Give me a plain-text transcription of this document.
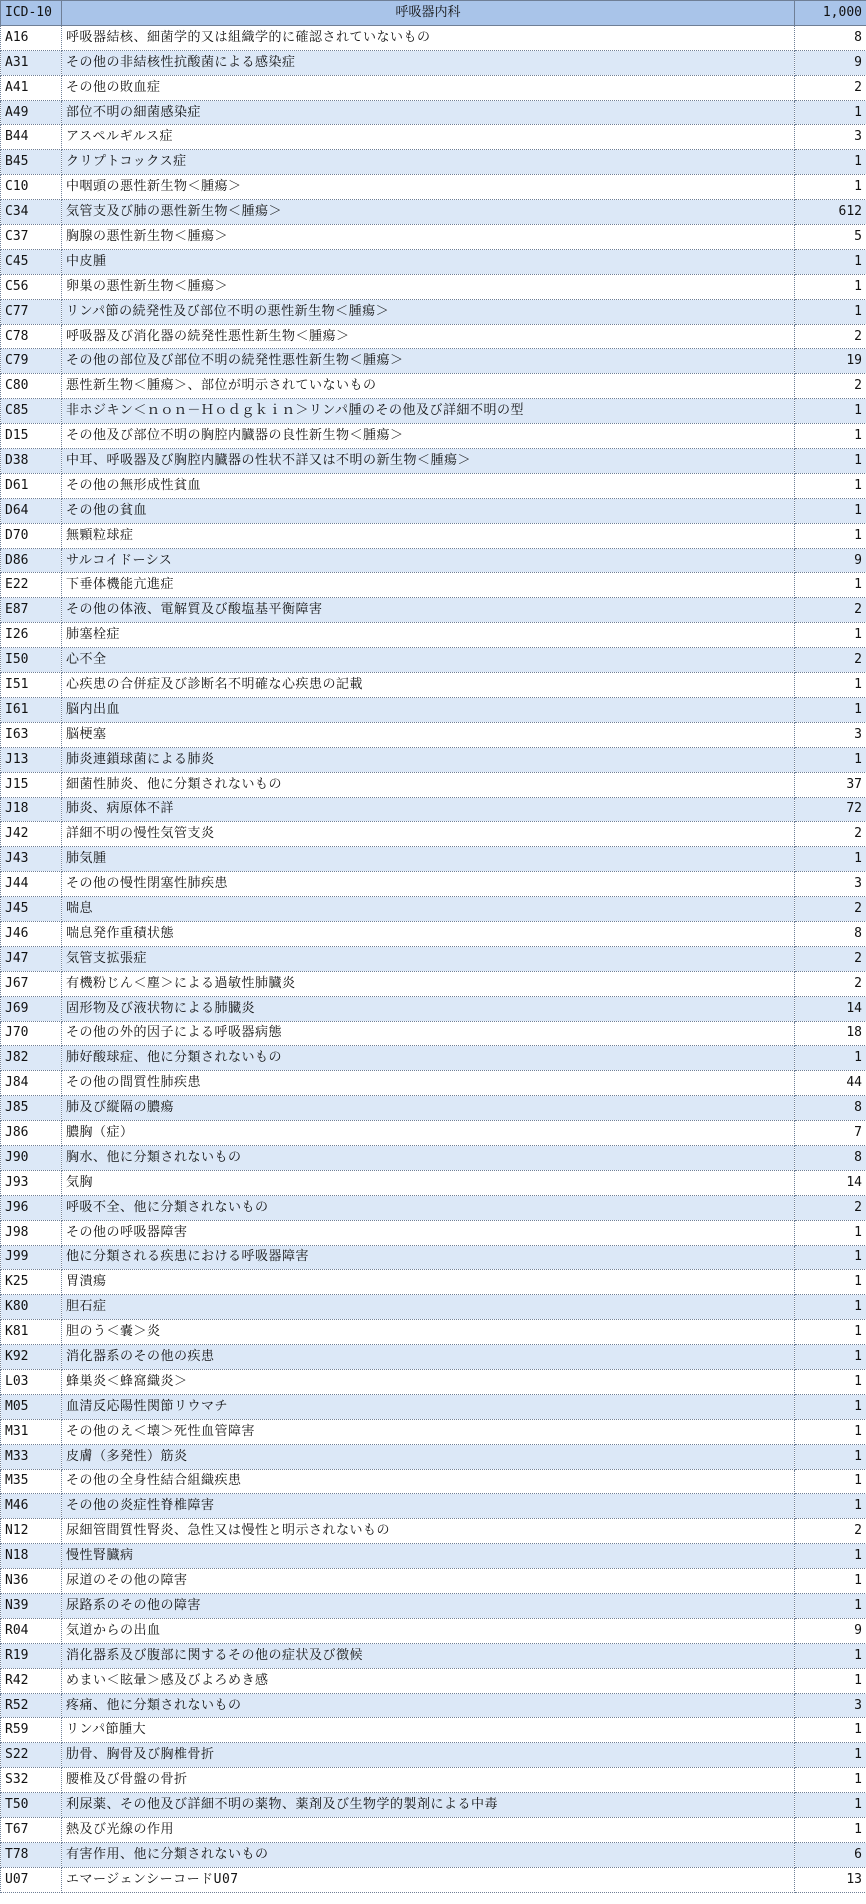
ICD-10	呼吸器内科	1,000
A16	呼吸器結核、細菌学的又は組織学的に確認されていないもの	8
A31	その他の非結核性抗酸菌による感染症	9
A41	その他の敗血症	2
A49	部位不明の細菌感染症	1
B44	アスペルギルス症	3
B45	クリプトコックス症	1
C10	中咽頭の悪性新生物＜腫瘍＞	1
C34	気管支及び肺の悪性新生物＜腫瘍＞	612
C37	胸腺の悪性新生物＜腫瘍＞	5
C45	中皮腫	1
C56	卵巣の悪性新生物＜腫瘍＞	1
C77	リンパ節の続発性及び部位不明の悪性新生物＜腫瘍＞	1
C78	呼吸器及び消化器の続発性悪性新生物＜腫瘍＞	2
C79	その他の部位及び部位不明の続発性悪性新生物＜腫瘍＞	19
C80	悪性新生物＜腫瘍＞、部位が明示されていないもの	2
C85	非ホジキン＜ｎｏｎ－Ｈｏｄｇｋｉｎ＞リンパ腫のその他及び詳細不明の型	1
D15	その他及び部位不明の胸腔内臓器の良性新生物＜腫瘍＞	1
D38	中耳、呼吸器及び胸腔内臓器の性状不詳又は不明の新生物＜腫瘍＞	1
D61	その他の無形成性貧血	1
D64	その他の貧血	1
D70	無顆粒球症	1
D86	サルコイドーシス	9
E22	下垂体機能亢進症	1
E87	その他の体液、電解質及び酸塩基平衡障害	2
I26	肺塞栓症	1
I50	心不全	2
I51	心疾患の合併症及び診断名不明確な心疾患の記載	1
I61	脳内出血	1
I63	脳梗塞	3
J13	肺炎連鎖球菌による肺炎	1
J15	細菌性肺炎、他に分類されないもの	37
J18	肺炎、病原体不詳	72
J42	詳細不明の慢性気管支炎	2
J43	肺気腫	1
J44	その他の慢性閉塞性肺疾患	3
J45	喘息	2
J46	喘息発作重積状態	8
J47	気管支拡張症	2
J67	有機粉じん＜塵＞による過敏性肺臓炎	2
J69	固形物及び液状物による肺臓炎	14
J70	その他の外的因子による呼吸器病態	18
J82	肺好酸球症、他に分類されないもの	1
J84	その他の間質性肺疾患	44
J85	肺及び縦隔の膿瘍	8
J86	膿胸（症）	7
J90	胸水、他に分類されないもの	8
J93	気胸	14
J96	呼吸不全、他に分類されないもの	2
J98	その他の呼吸器障害	1
J99	他に分類される疾患における呼吸器障害	1
K25	胃潰瘍	1
K80	胆石症	1
K81	胆のう＜嚢＞炎	1
K92	消化器系のその他の疾患	1
L03	蜂巣炎＜蜂窩織炎＞	1
M05	血清反応陽性関節リウマチ	1
M31	その他のえ＜壊＞死性血管障害	1
M33	皮膚（多発性）筋炎	1
M35	その他の全身性結合組織疾患	1
M46	その他の炎症性脊椎障害	1
N12	尿細管間質性腎炎、急性又は慢性と明示されないもの	2
N18	慢性腎臓病	1
N36	尿道のその他の障害	1
N39	尿路系のその他の障害	1
R04	気道からの出血	9
R19	消化器系及び腹部に関するその他の症状及び徴候	1
R42	めまい＜眩暈＞感及びよろめき感	1
R52	疼痛、他に分類されないもの	3
R59	リンパ節腫大	1
S22	肋骨、胸骨及び胸椎骨折	1
S32	腰椎及び骨盤の骨折	1
T50	利尿薬、その他及び詳細不明の薬物、薬剤及び生物学的製剤による中毒	1
T67	熱及び光線の作用	1
T78	有害作用、他に分類されないもの	6
U07	エマージェンシーコードU07	13
